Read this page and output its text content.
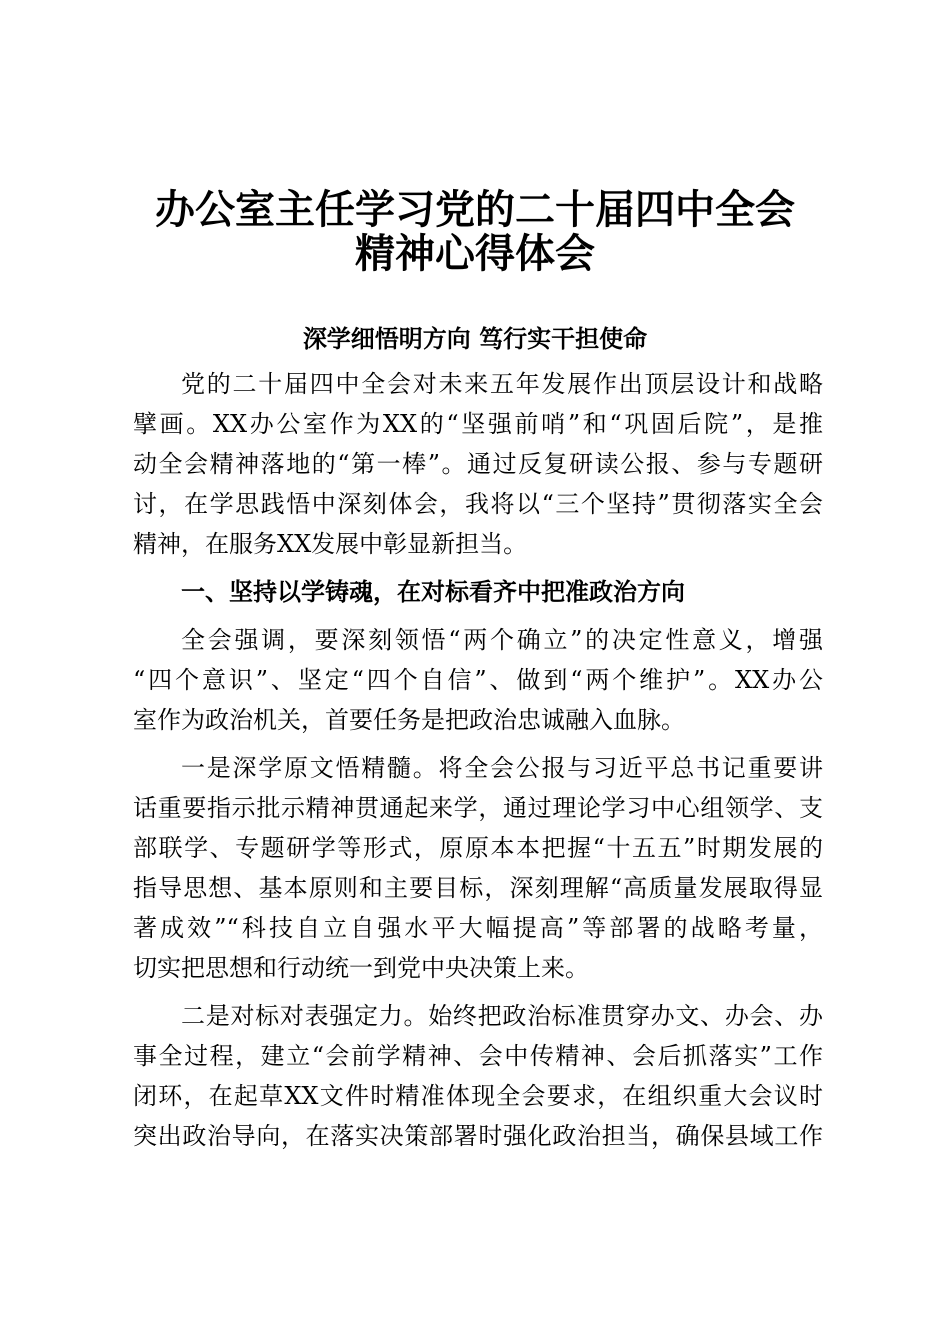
办公室主任学习党的二十届四中全会
精神心得体会
深学细悟明方向 笃行实干担使命
党的二十届四中全会对未来五年发展作出顶层设计和战略
擘画。XX办公室作为XX的“坚强前哨”和“巩固后院”，是推
动全会精神落地的“第一棒”。通过反复研读公报、参与专题研
讨，在学思践悟中深刻体会，我将以“三个坚持”贯彻落实全会
精神，在服务XX发展中彰显新担当。
一、坚持以学铸魂，在对标看齐中把准政治方向
全会强调，要深刻领悟“两个确立”的决定性意义，增强
“四个意识”、坚定“四个自信”、做到“两个维护”。XX办公
室作为政治机关，首要任务是把政治忠诚融入血脉。
一是深学原文悟精髓。将全会公报与习近平总书记重要讲
话重要指示批示精神贯通起来学，通过理论学习中心组领学、支
部联学、专题研学等形式，原原本本把握“十五五”时期发展的
指导思想、基本原则和主要目标，深刻理解“高质量发展取得显
著成效”“科技自立自强水平大幅提高”等部署的战略考量，
切实把思想和行动统一到党中央决策上来。
二是对标对表强定力。始终把政治标准贯穿办文、办会、办
事全过程，建立“会前学精神、会中传精神、会后抓落实”工作
闭环，在起草XX文件时精准体现全会要求，在组织重大会议时
突出政治导向，在落实决策部署时强化政治担当，确保县域工作
